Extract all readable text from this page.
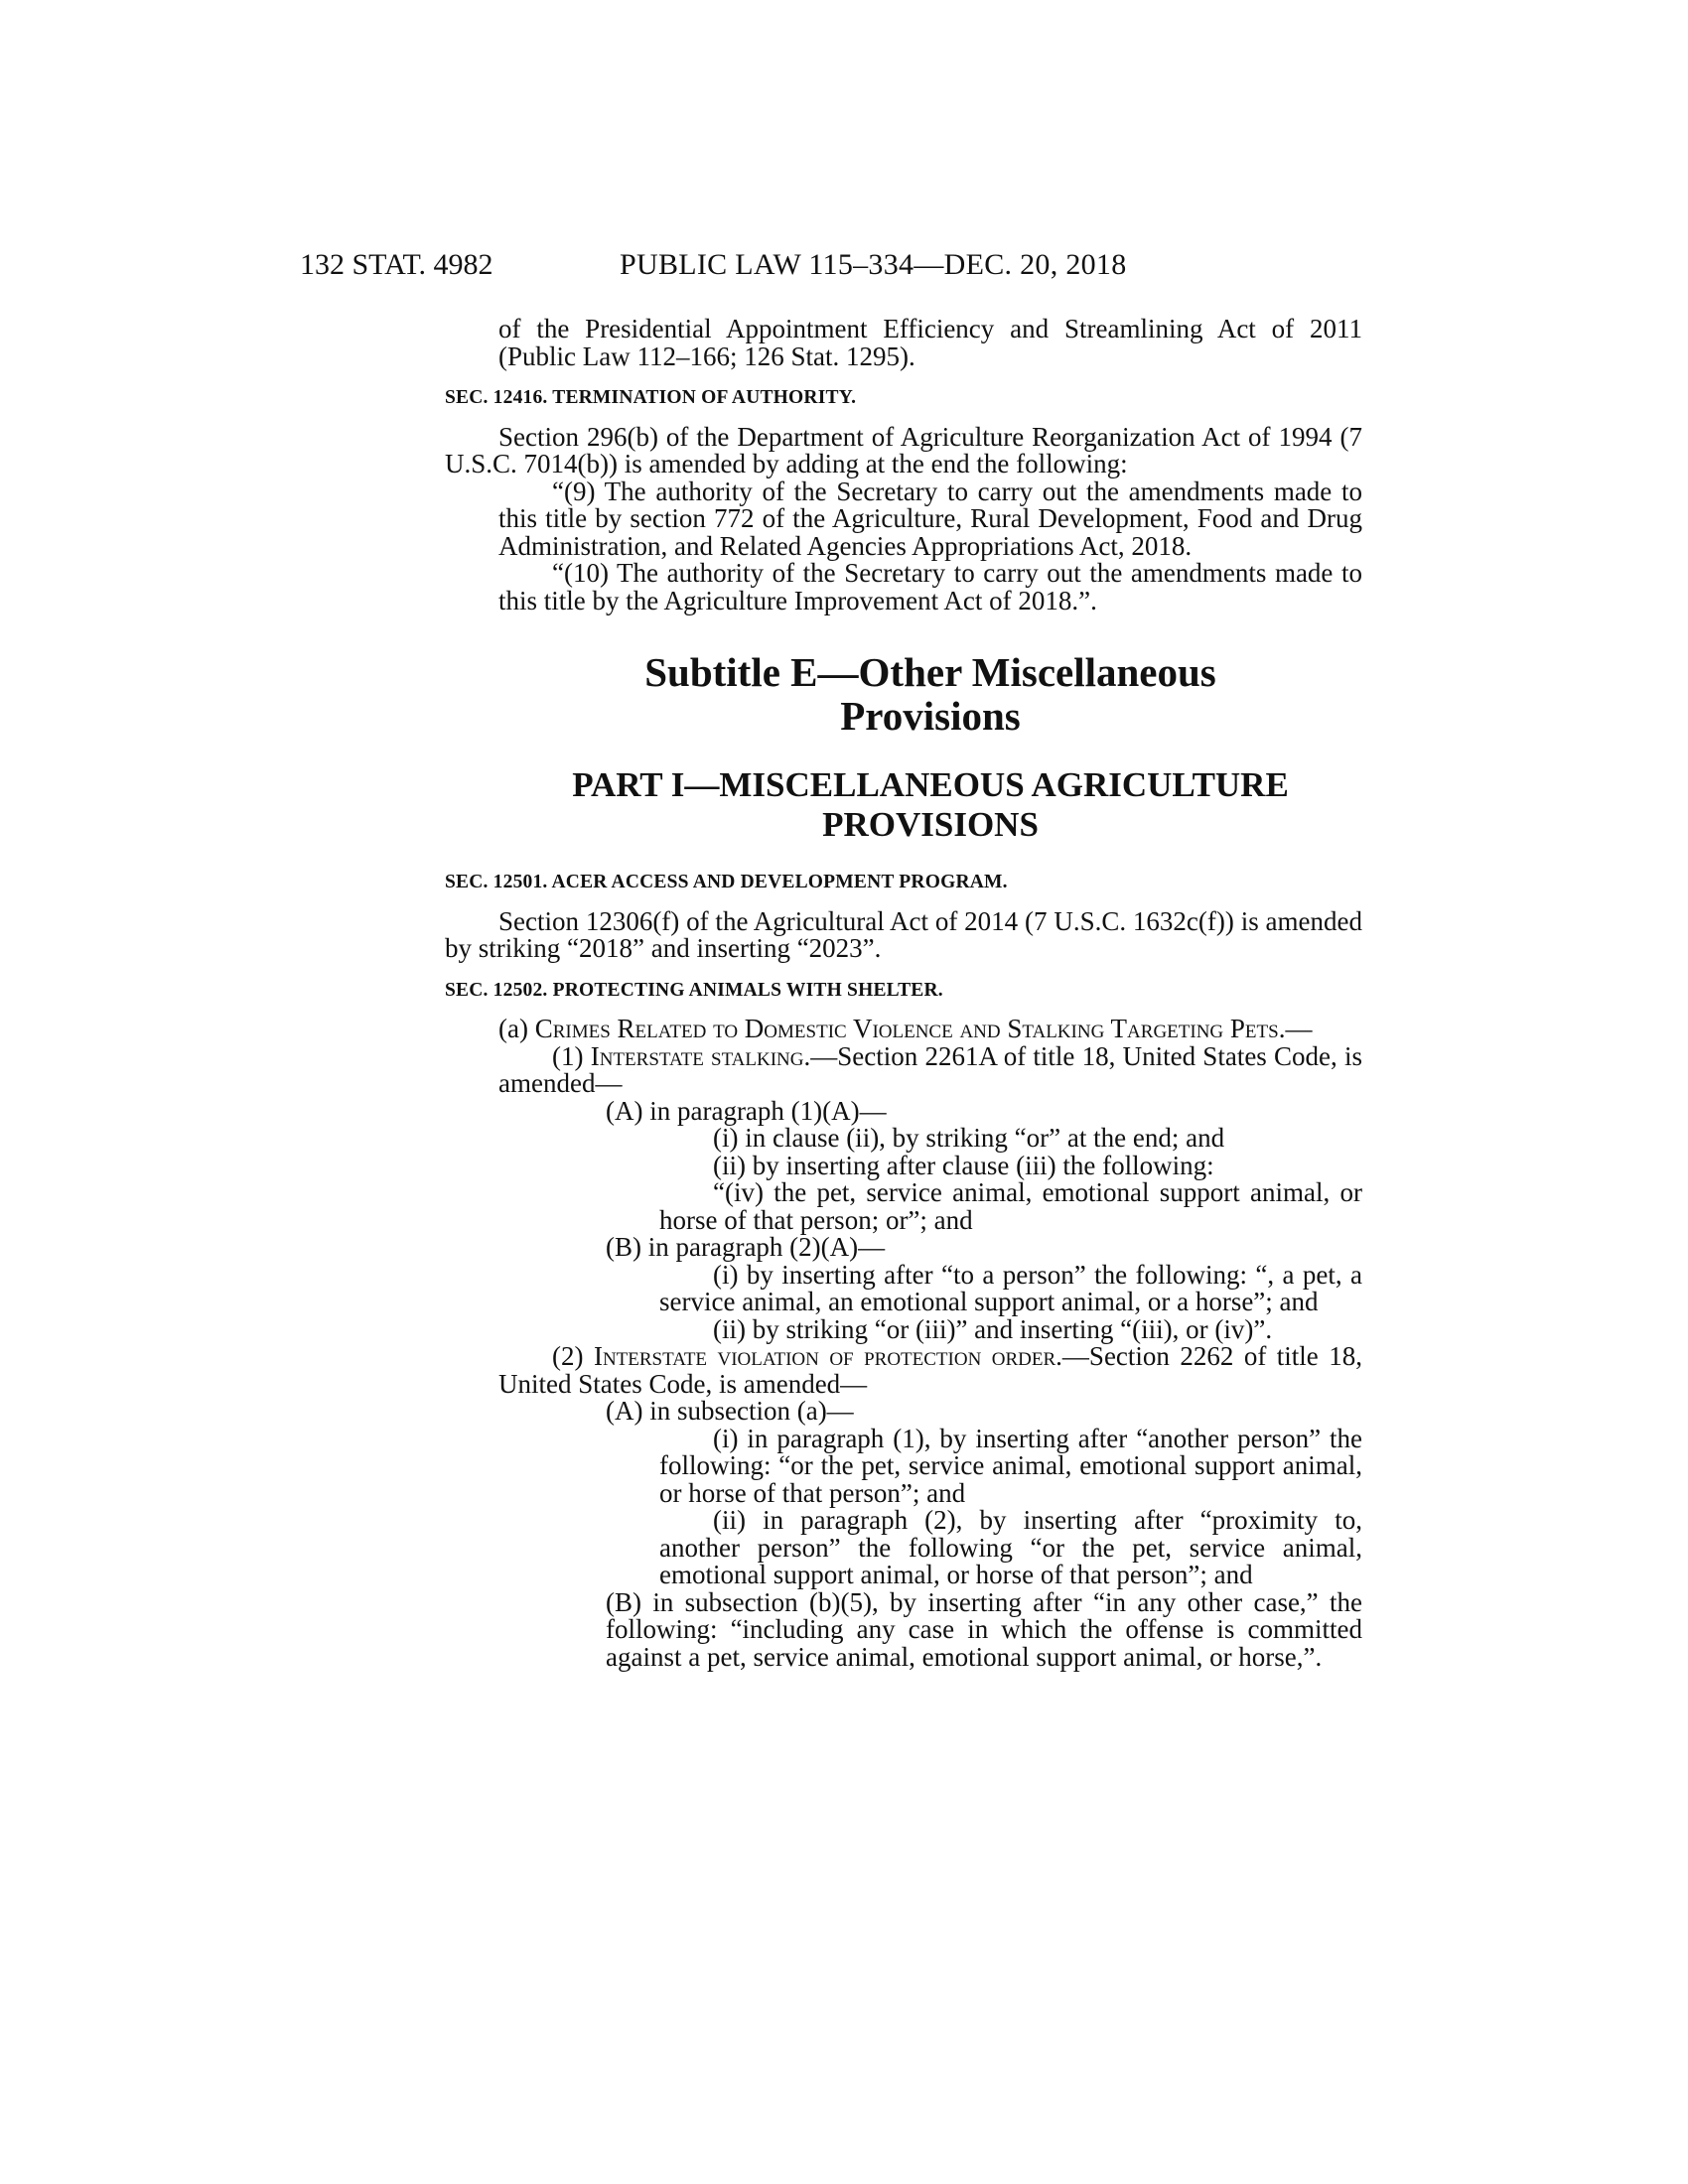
132 STAT. 4982	PUBLIC LAW 115–334—DEC. 20, 2018

of the Presidential Appointment Efficiency and Streamlining Act of 2011 (Public Law 112–166; 126 Stat. 1295).

SEC. 12416. TERMINATION OF AUTHORITY.

Section 296(b) of the Department of Agriculture Reorganization Act of 1994 (7 U.S.C. 7014(b)) is amended by adding at the end the following:

“(9) The authority of the Secretary to carry out the amendments made to this title by section 772 of the Agriculture, Rural Development, Food and Drug Administration, and Related Agencies Appropriations Act, 2018.

“(10) The authority of the Secretary to carry out the amendments made to this title by the Agriculture Improvement Act of 2018.”.

Subtitle E—Other Miscellaneous
Provisions
PART I—MISCELLANEOUS AGRICULTURE
PROVISIONS

SEC. 12501. ACER ACCESS AND DEVELOPMENT PROGRAM.

Section 12306(f) of the Agricultural Act of 2014 (7 U.S.C. 1632c(f)) is amended by striking “2018” and inserting “2023”.

SEC. 12502. PROTECTING ANIMALS WITH SHELTER.

(a) Crimes Related to Domestic Violence and Stalking Targeting Pets.—

(1) Interstate stalking.—Section 2261A of title 18, United States Code, is amended—

(A) in paragraph (1)(A)—

(i) in clause (ii), by striking “or” at the end; and

(ii) by inserting after clause (iii) the following:

“(iv) the pet, service animal, emotional support animal, or horse of that person; or”; and

(B) in paragraph (2)(A)—

(i) by inserting after “to a person” the following: “, a pet, a service animal, an emotional support animal, or a horse”; and

(ii) by striking “or (iii)” and inserting “(iii), or (iv)”.

(2) Interstate violation of protection order.—Section 2262 of title 18, United States Code, is amended—

(A) in subsection (a)—

(i) in paragraph (1), by inserting after “another person” the following: “or the pet, service animal, emotional support animal, or horse of that person”; and

(ii) in paragraph (2), by inserting after “proximity to, another person” the following “or the pet, service animal, emotional support animal, or horse of that person”; and

(B) in subsection (b)(5), by inserting after “in any other case,” the following: “including any case in which the offense is committed against a pet, service animal, emotional support animal, or horse,”.
